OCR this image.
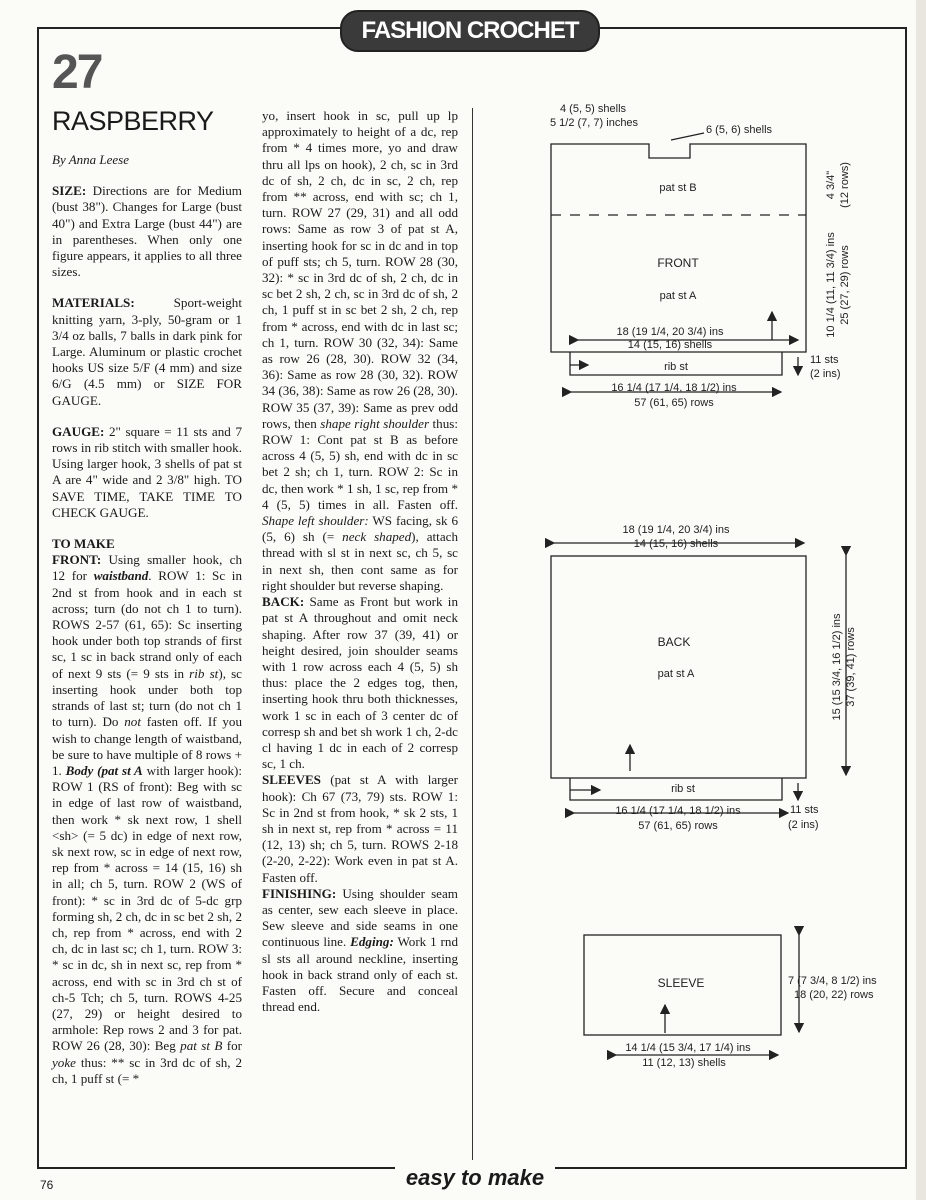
FASHION CROCHET
27
RASPBERRY
By Anna Leese

SIZE: Directions are for Medium (bust 38"). Changes for Large (bust 40") and Extra Large (bust 44") are in parentheses. When only one figure appears, it applies to all three sizes.

MATERIALS: Sport-weight knitting yarn, 3-ply, 50-gram or 1 3/4 oz balls, 7 balls in dark pink for Large. Aluminum or plastic crochet hooks US size 5/F (4 mm) and size 6/G (4.5 mm) or SIZE FOR GAUGE.

GAUGE: 2" square = 11 sts and 7 rows in rib stitch with smaller hook. Using larger hook, 3 shells of pat st A are 4" wide and 2 3/8" high. TO SAVE TIME, TAKE TIME TO CHECK GAUGE.

TO MAKE

FRONT: Using smaller hook, ch 12 for waistband. ROW 1: Sc in 2nd st from hook and in each st across; turn (do not ch 1 to turn). ROWS 2-57 (61, 65): Sc inserting hook under both top strands of first sc, 1 sc in back strand only of each of next 9 sts (= 9 sts in rib st), sc inserting hook under both top strands of last st; turn (do not ch 1 to turn). Do not fasten off. If you wish to change length of waistband, be sure to have multiple of 8 rows + 1. Body (pat st A with larger hook): ROW 1 (RS of front): Beg with sc in edge of last row of waistband, then work * sk next row, 1 shell <sh> (= 5 dc) in edge of next row, sk next row, sc in edge of next row, rep from * across = 14 (15, 16) sh in all; ch 5, turn. ROW 2 (WS of front): * sc in 3rd dc of 5-dc grp forming sh, 2 ch, dc in sc bet 2 sh, 2 ch, rep from * across, end with 2 ch, dc in last sc; ch 1, turn. ROW 3: * sc in dc, sh in next sc, rep from * across, end with sc in 3rd ch st of ch-5 Tch; ch 5, turn. ROWS 4-25 (27, 29) or height desired to armhole: Rep rows 2 and 3 for pat. ROW 26 (28, 30): Beg pat st B for yoke thus: ** sc in 3rd dc of sh, 2 ch, 1 puff st (= *

yo, insert hook in sc, pull up lp approximately to height of a dc, rep from * 4 times more, yo and draw thru all lps on hook), 2 ch, sc in 3rd dc of sh, 2 ch, dc in sc, 2 ch, rep from ** across, end with sc; ch 1, turn. ROW 27 (29, 31) and all odd rows: Same as row 3 of pat st A, inserting hook for sc in dc and in top of puff sts; ch 5, turn. ROW 28 (30, 32): * sc in 3rd dc of sh, 2 ch, dc in sc bet 2 sh, 2 ch, sc in 3rd dc of sh, 2 ch, 1 puff st in sc bet 2 sh, 2 ch, rep from * across, end with dc in last sc; ch 1, turn. ROW 30 (32, 34): Same as row 26 (28, 30). ROW 32 (34, 36): Same as row 28 (30, 32). ROW 34 (36, 38): Same as row 26 (28, 30). ROW 35 (37, 39): Same as prev odd rows, then shape right shoulder thus: ROW 1: Cont pat st B as before across 4 (5, 5) sh, end with dc in sc bet 2 sh; ch 1, turn. ROW 2: Sc in dc, then work * 1 sh, 1 sc, rep from * 4 (5, 5) times in all. Fasten off. Shape left shoulder: WS facing, sk 6 (5, 6) sh (= neck shaped), attach thread with sl st in next sc, ch 5, sc in next sh, then cont same as for right shoulder but reverse shaping.

BACK: Same as Front but work in pat st A throughout and omit neck shaping. After row 37 (39, 41) or height desired, join shoulder seams with 1 row across each 4 (5, 5) sh thus: place the 2 edges tog, then, inserting hook thru both thicknesses, work 1 sc in each of 3 center dc of corresp sh and bet sh work 1 ch, 2-dc cl having 1 dc in each of 2 corresp sc, 1 ch.

SLEEVES (pat st A with larger hook): Ch 67 (73, 79) sts. ROW 1: Sc in 2nd st from hook, * sk 2 sts, 1 sh in next st, rep from * across = 11 (12, 13) sh; ch 5, turn. ROWS 2-18 (2-20, 2-22): Work even in pat st A. Fasten off.

FINISHING: Using shoulder seam as center, sew each sleeve in place. Sew sleeve and side seams in one continuous line. Edging: Work 1 rnd sl sts all around neckline, inserting hook in back strand only of each st. Fasten off. Secure and conceal thread end.

4 (5, 5) shells
5 1/2 (7, 7) inches
6 (5, 6) shells
pat st B
FRONT
pat st A
18 (19 1/4, 20 3/4) ins
14 (15, 16) shells
rib st
11 sts
(2 ins)
16 1/4 (17 1/4, 18 1/2) ins
57 (61, 65) rows
4 3/4" (12 rows)
10 1/4 (11, 11 3/4) ins 25 (27, 29) rows
18 (19 1/4, 20 3/4) ins
14 (15, 16) shells
BACK
pat st A	15 (15 3/4, 16 1/2) ins 37 (39, 41) rows
rib st
16 1/4 (17 1/4, 18 1/2) ins
57 (61, 65) rows
11 sts
(2 ins)
SLEEVE	7 (7 3/4, 8 1/2) ins
18 (20, 22) rows
14 1/4 (15 3/4, 17 1/4) ins
11 (12, 13) shells
easy to make
76
